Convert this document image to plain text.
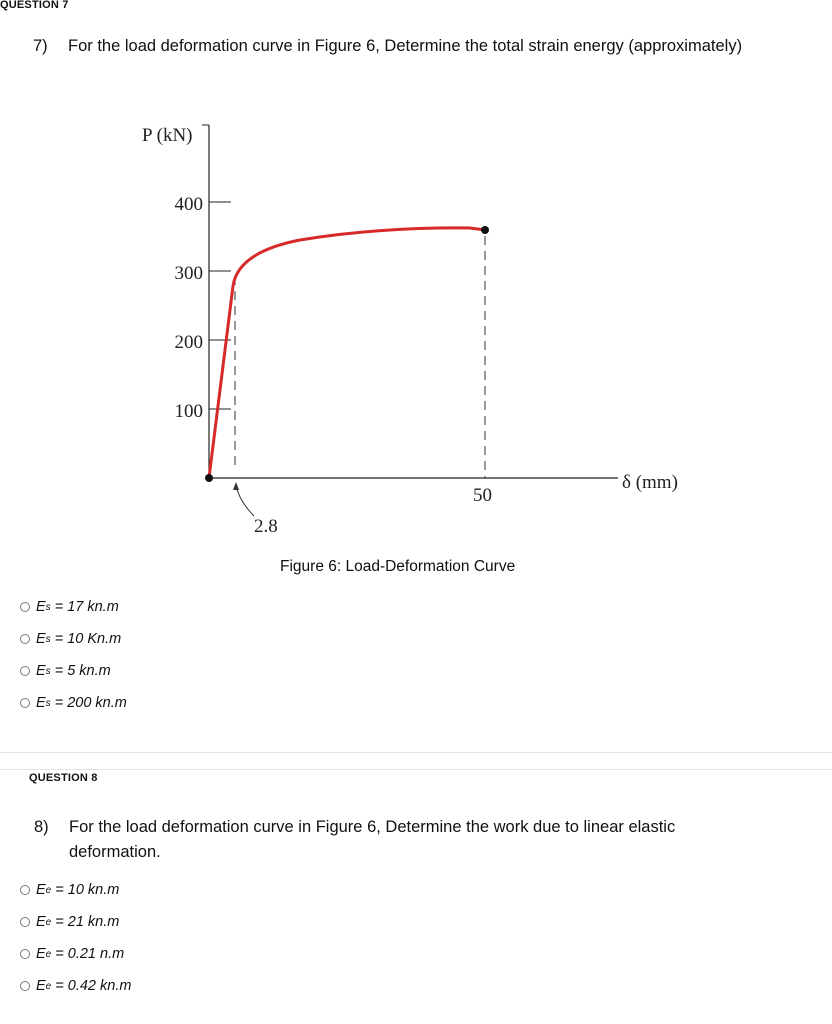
QUESTION 7
7) For the load deformation curve in Figure 6, Determine the total strain energy (approximately)
400
300
200
100
P (kN)
δ (mm)
2.8
50
Figure 6: Load-Deformation Curve
E s
= 17 kn.m
E s
= 10 Kn.m
E s
= 5 kn.m
E s
= 200 kn.m
QUESTION 8
8) For the load deformation curve in Figure 6, Determine the work due to linear elastic
deformation.
E e
= 10 kn.m
E e
= 21 kn.m
E e
= 0.21 n.m
E e
= 0.42 kn.m
